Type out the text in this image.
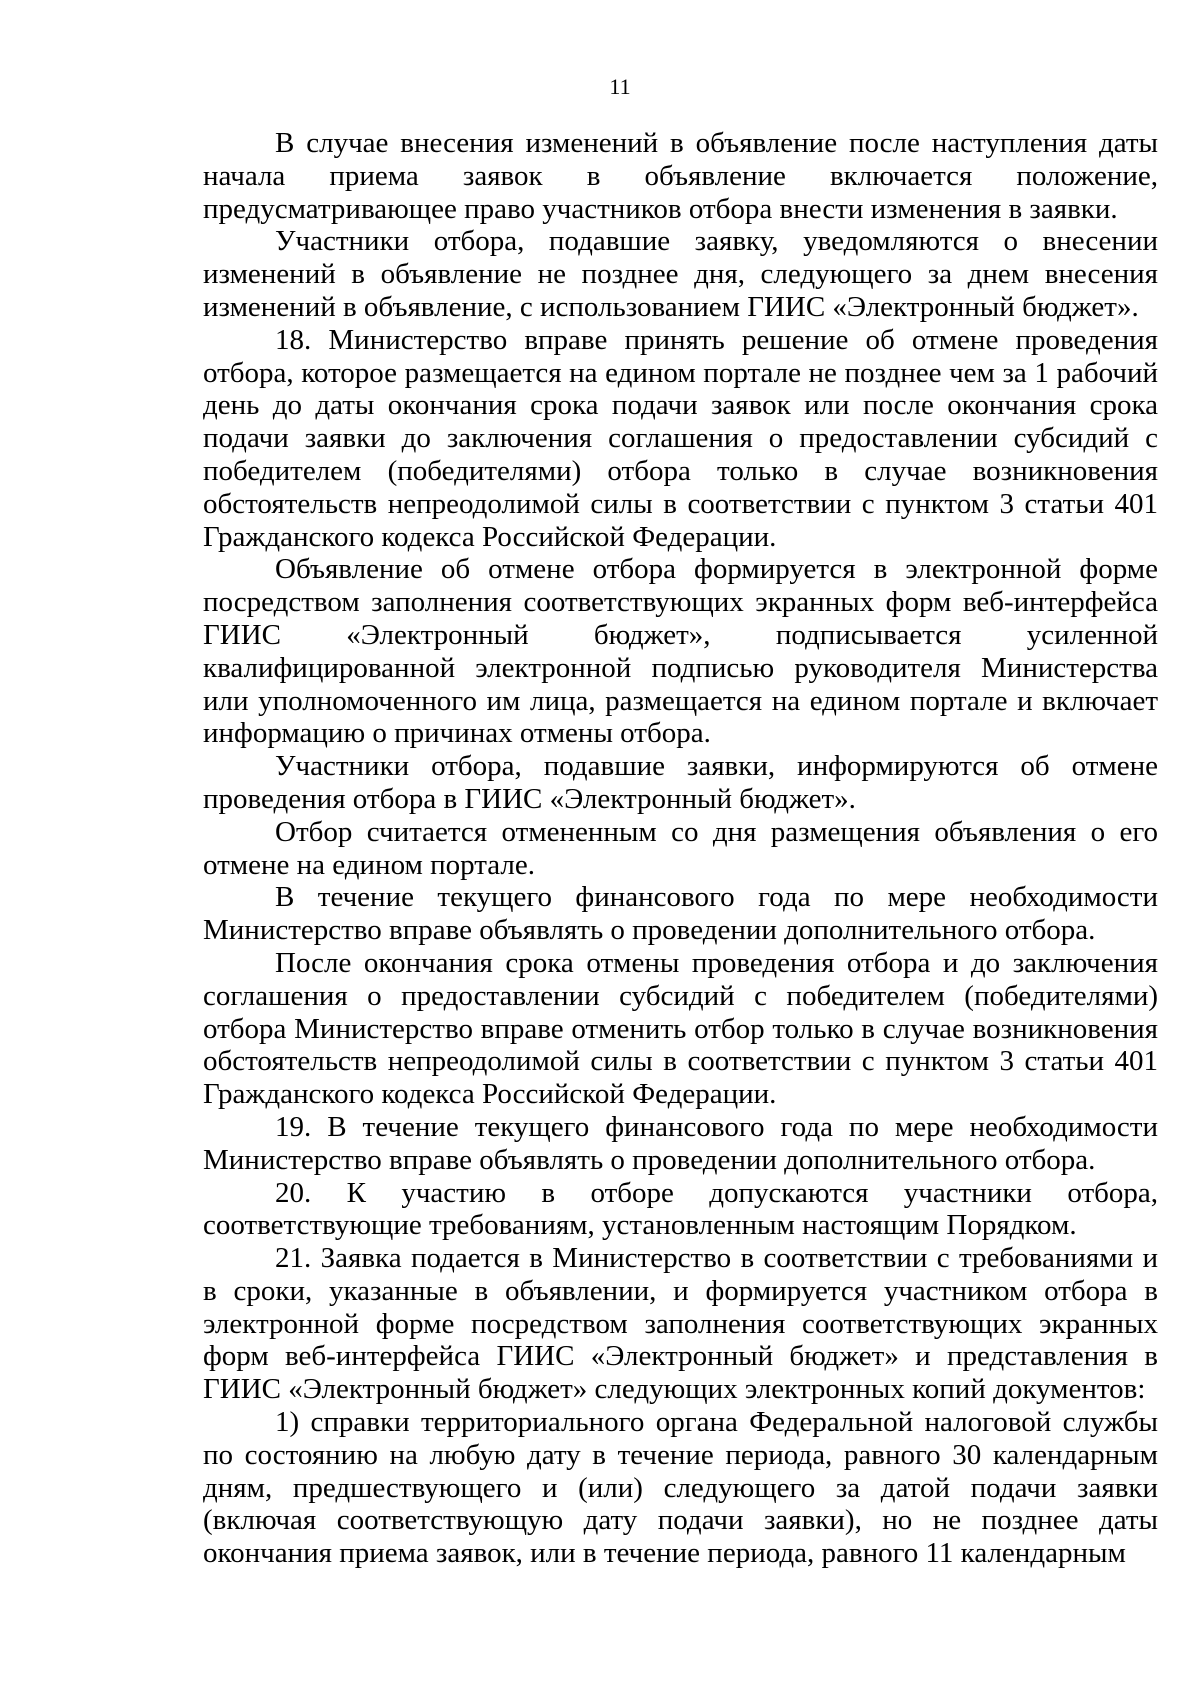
11

В случае внесения изменений в объявление после наступления даты начала приема заявок в объявление включается положение, предусматривающее право участников отбора внести изменения в заявки.

Участники отбора, подавшие заявку, уведомляются о внесении изменений в объявление не позднее дня, следующего за днем внесения изменений в объявление, с использованием ГИИС «Электронный бюджет».

18. Министерство вправе принять решение об отмене проведения отбора, которое размещается на едином портале не позднее чем за 1 рабочий день до даты окончания срока подачи заявок или после окончания срока подачи заявки до заключения соглашения о предоставлении субсидий с победителем (победителями) отбора только в случае возникновения обстоятельств непреодолимой силы в соответствии с пунктом 3 статьи 401 Гражданского кодекса Российской Федерации.

Объявление об отмене отбора формируется в электронной форме посредством заполнения соответствующих экранных форм веб-интерфейса ГИИС «Электронный бюджет», подписывается усиленной квалифицированной электронной подписью руководителя Министерства или уполномоченного им лица, размещается на едином портале и включает информацию о причинах отмены отбора.

Участники отбора, подавшие заявки, информируются об отмене проведения отбора в ГИИС «Электронный бюджет».

Отбор считается отмененным со дня размещения объявления о его отмене на едином портале.

В течение текущего финансового года по мере необходимости Министерство вправе объявлять о проведении дополнительного отбора.

После окончания срока отмены проведения отбора и до заключения соглашения о предоставлении субсидий с победителем (победителями) отбора Министерство вправе отменить отбор только в случае возникновения обстоятельств непреодолимой силы в соответствии с пунктом 3 статьи 401 Гражданского кодекса Российской Федерации.

19. В течение текущего финансового года по мере необходимости Министерство вправе объявлять о проведении дополнительного отбора.

20. К участию в отборе допускаются участники отбора, соответствующие требованиям, установленным настоящим Порядком.

21. Заявка подается в Министерство в соответствии с требованиями и в сроки, указанные в объявлении, и формируется участником отбора в электронной форме посредством заполнения соответствующих экранных форм веб-интерфейса ГИИС «Электронный бюджет» и представления в ГИИС «Электронный бюджет» следующих электронных копий документов:

1) справки территориального органа Федеральной налоговой службы по состоянию на любую дату в течение периода, равного 30 календарным дням, предшествующего и (или) следующего за датой подачи заявки (включая соответствующую дату подачи заявки), но не позднее даты окончания приема заявок, или в течение периода, равного 11 календарным
